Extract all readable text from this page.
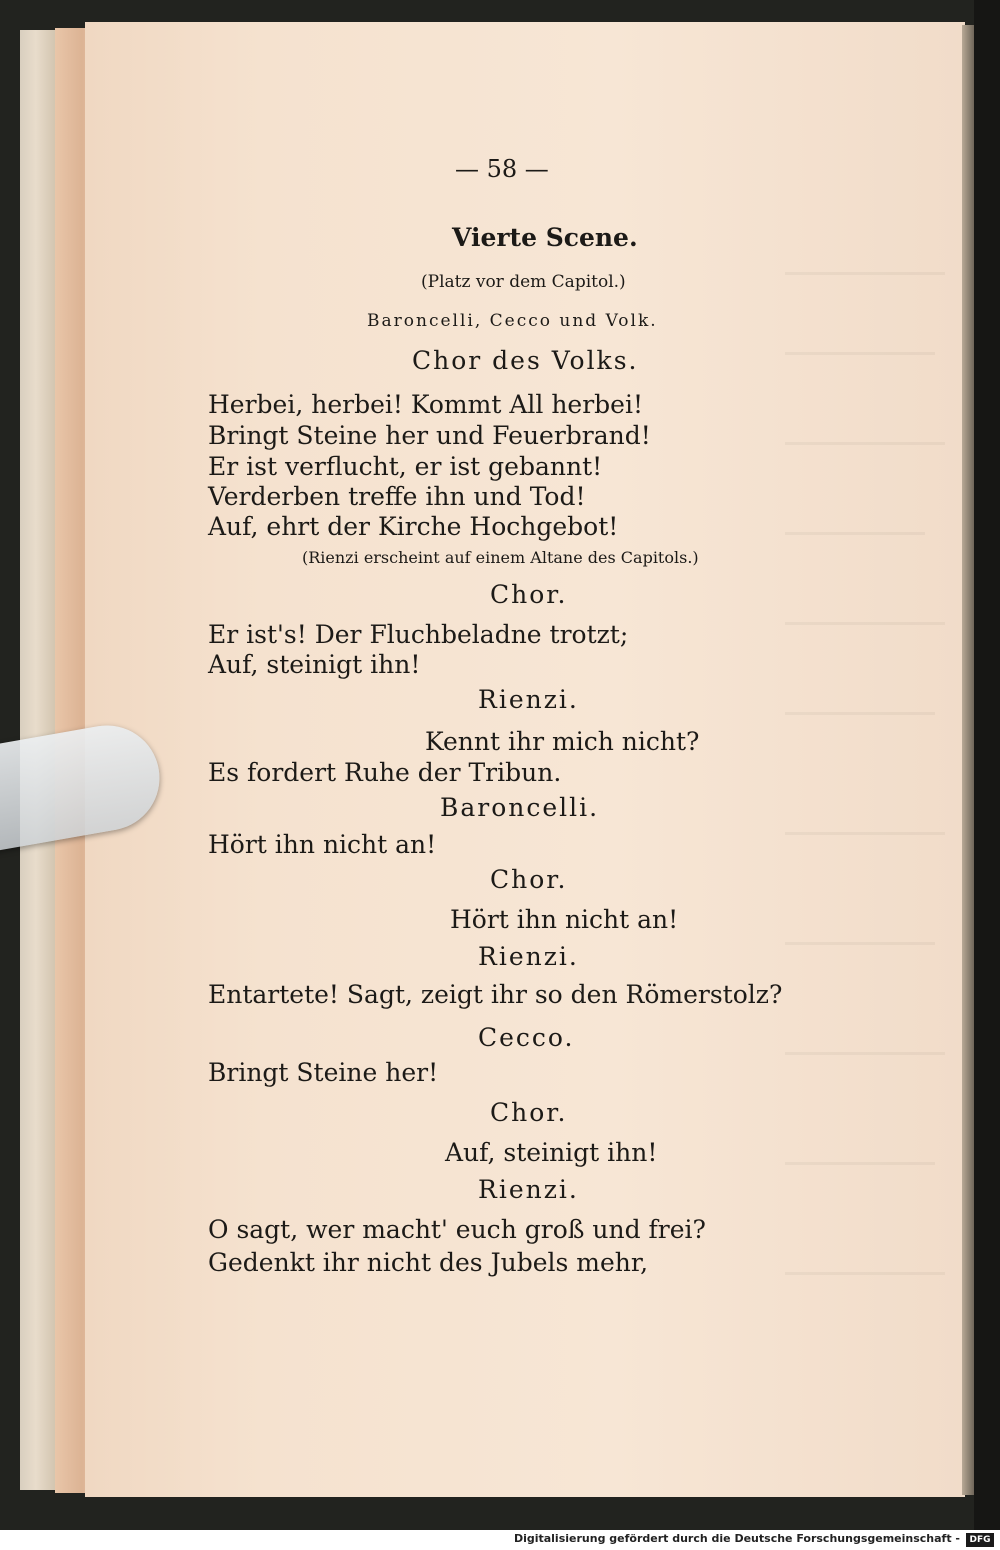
— 58 —
Vierte Scene.
(Platz vor dem Capitol.)
Baroncelli, Cecco und Volk.
Chor des Volks.
Herbei, herbei! Kommt All herbei!
Bringt Steine her und Feuerbrand!
Er ist verflucht, er ist gebannt!
Verderben treffe ihn und Tod!
Auf, ehrt der Kirche Hochgebot!
(Rienzi erscheint auf einem Altane des Capitols.)
Chor.
Er ist's! Der Fluchbeladne trotzt;
Auf, steinigt ihn!
Rienzi.
Kennt ihr mich nicht?
Es fordert Ruhe der Tribun.
Baroncelli.
Hört ihn nicht an!
Chor.
Hört ihn nicht an!
Rienzi.
Entartete! Sagt, zeigt ihr so den Römerstolz?
Cecco.
Bringt Steine her!
Chor.
Auf, steinigt ihn!
Rienzi.
O sagt, wer macht' euch groß und frei?
Gedenkt ihr nicht des Jubels mehr,
Digitalisierung gefördert durch die Deutsche Forschungsgemeinschaft -	DFG
